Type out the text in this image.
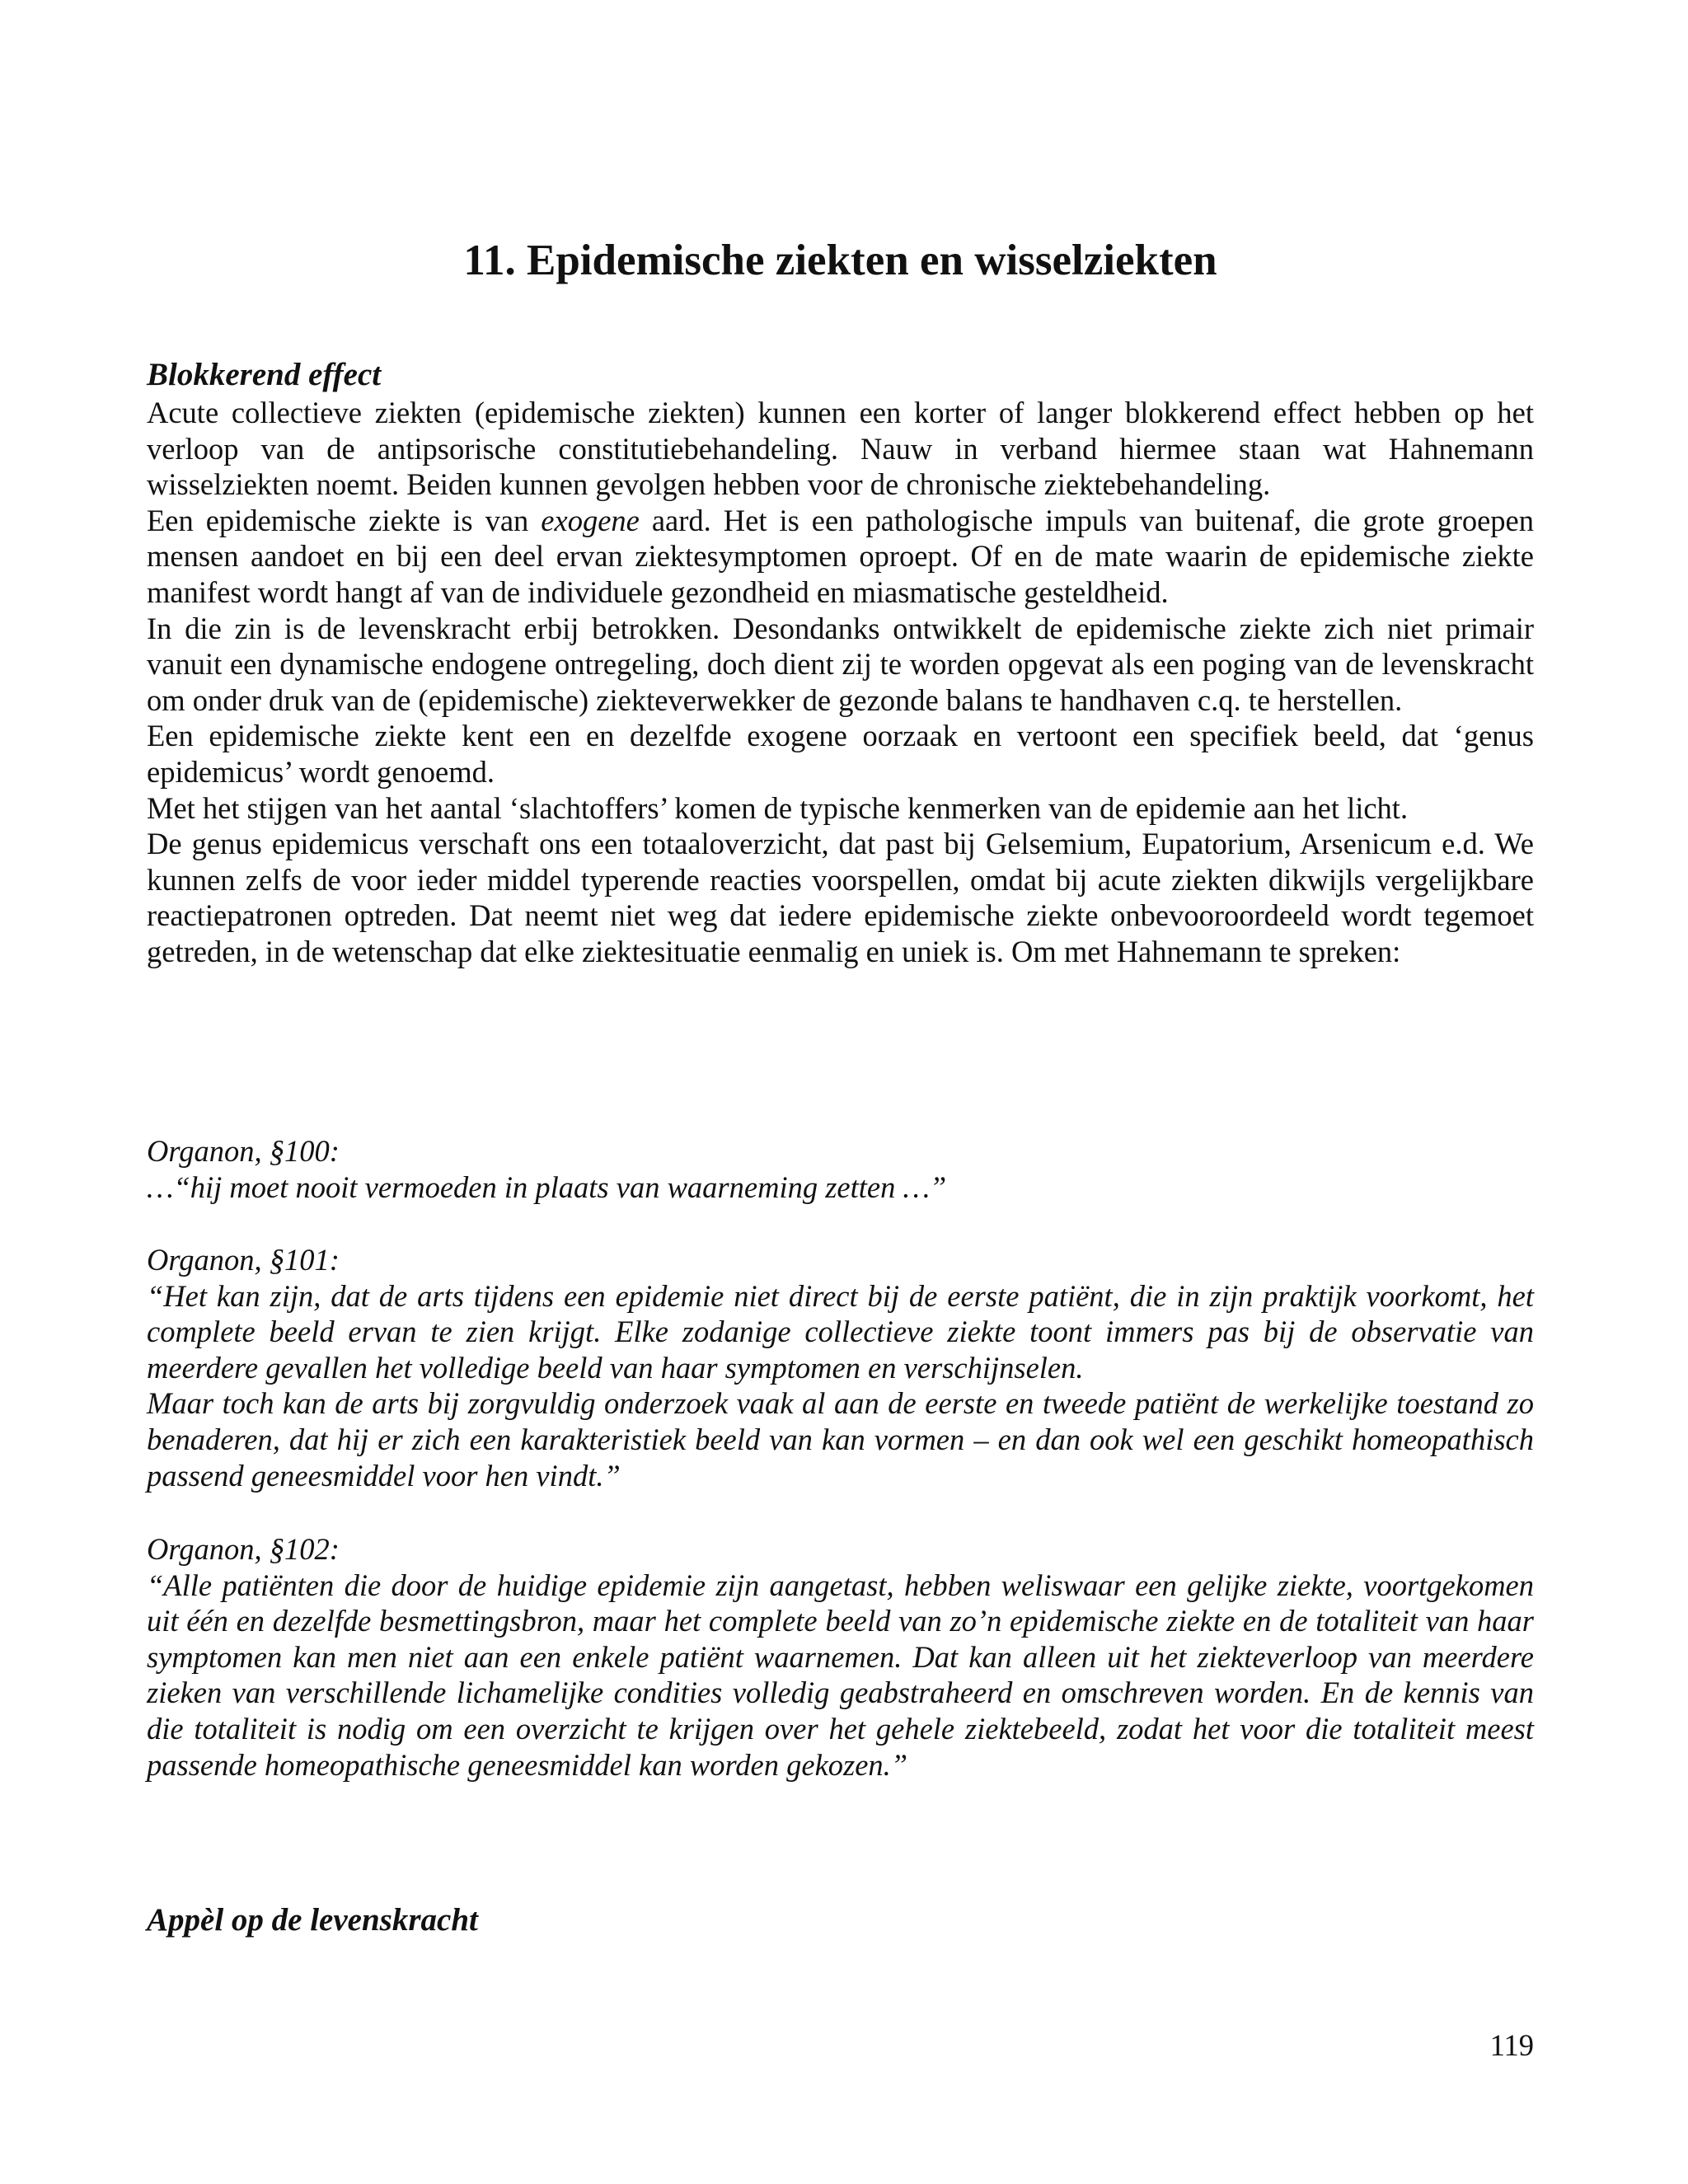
11. Epidemische ziekten en wisselziekten
Blokkerend effect

Acute collectieve ziekten (epidemische ziekten) kunnen een korter of langer blokkerend effect hebben op het verloop van de antipsorische constitutiebehandeling. Nauw in verband hiermee staan wat Hahnemann wisselziekten noemt. Beiden kunnen gevolgen hebben voor de chronische ziektebehandeling.

Een epidemische ziekte is van exogene aard. Het is een pathologische impuls van buitenaf, die grote groepen mensen aandoet en bij een deel ervan ziektesymptomen oproept. Of en de mate waarin de epidemische ziekte manifest wordt hangt af van de individuele gezondheid en miasmatische gesteldheid.

In die zin is de levenskracht erbij betrokken. Desondanks ontwikkelt de epidemische ziekte zich niet primair vanuit een dynamische endogene ontregeling, doch dient zij te worden opgevat als een poging van de levenskracht om onder druk van de (epidemische) ziekteverwekker de gezonde balans te handhaven c.q. te herstellen.

Een epidemische ziekte kent een en dezelfde exogene oorzaak en vertoont een specifiek beeld, dat ‘genus epidemicus’ wordt genoemd.

Met het stijgen van het aantal ‘slachtoffers’ komen de typische kenmerken van de epidemie aan het licht.

De genus epidemicus verschaft ons een totaaloverzicht, dat past bij Gelsemium, Eupatorium, Arsenicum e.d. We kunnen zelfs de voor ieder middel typerende reacties voorspellen, omdat bij acute ziekten dikwijls vergelijkbare reactiepatronen optreden. Dat neemt niet weg dat iedere epidemische ziekte onbevooroordeeld wordt tegemoet getreden, in de wetenschap dat elke ziektesituatie eenmalig en uniek is. Om met Hahnemann te spreken:

Organon, §100:

…“hij moet nooit vermoeden in plaats van waarneming zetten …”

Organon, §101:

“Het kan zijn, dat de arts tijdens een epidemie niet direct bij de eerste patiënt, die in zijn praktijk voorkomt, het complete beeld ervan te zien krijgt. Elke zodanige collectieve ziekte toont immers pas bij de observatie van meerdere gevallen het volledige beeld van haar symptomen en verschijnselen.

Maar toch kan de arts bij zorgvuldig onderzoek vaak al aan de eerste en tweede patiënt de werkelijke toestand zo benaderen, dat hij er zich een karakteristiek beeld van kan vormen – en dan ook wel een geschikt homeopathisch passend geneesmiddel voor hen vindt.”

Organon, §102:

“Alle patiënten die door de huidige epidemie zijn aangetast, hebben weliswaar een gelijke ziekte, voortgekomen uit één en dezelfde besmettingsbron, maar het complete beeld van zo’n epidemische ziekte en de totaliteit van haar symptomen kan men niet aan een enkele patiënt waarnemen. Dat kan alleen uit het ziekteverloop van meerdere zieken van verschillende lichamelijke condities volledig geabstraheerd en omschreven worden. En de kennis van die totaliteit is nodig om een overzicht te krijgen over het gehele ziektebeeld, zodat het voor die totaliteit meest passende homeopathische geneesmiddel kan worden gekozen.”

Appèl op de levenskracht

119
